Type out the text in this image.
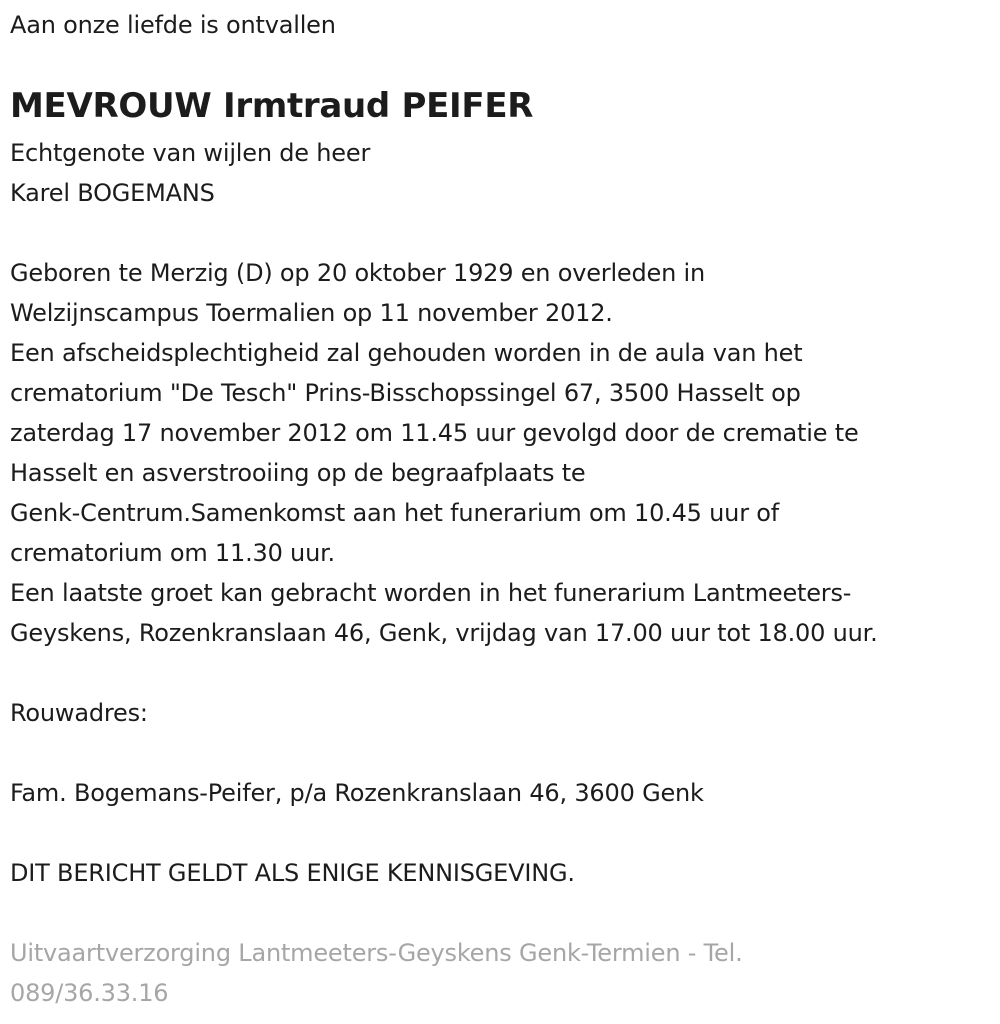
Aan onze liefde is ontvallen
MEVROUW Irmtraud PEIFER
Echtgenote van wijlen de heer
Karel BOGEMANS
Geboren te Merzig (D) op 20 oktober 1929 en overleden in
Welzijnscampus Toermalien op 11 november 2012.
Een afscheidsplechtigheid zal gehouden worden in de aula van het
crematorium "De Tesch" Prins-Bisschopssingel 67, 3500 Hasselt op
zaterdag 17 november 2012 om 11.45 uur gevolgd door de crematie te
Hasselt en asverstrooiing op de begraafplaats te
Genk-Centrum.Samenkomst aan het funerarium om 10.45 uur of
crematorium om 11.30 uur.
Een laatste groet kan gebracht worden in het funerarium Lantmeeters-
Geyskens, Rozenkranslaan 46, Genk, vrijdag van 17.00 uur tot 18.00 uur.
Rouwadres:
Fam. Bogemans-Peifer, p/a Rozenkranslaan 46, 3600 Genk
DIT BERICHT GELDT ALS ENIGE KENNISGEVING.
Uitvaartverzorging Lantmeeters-Geyskens Genk-Termien - Tel.
089/36.33.16
